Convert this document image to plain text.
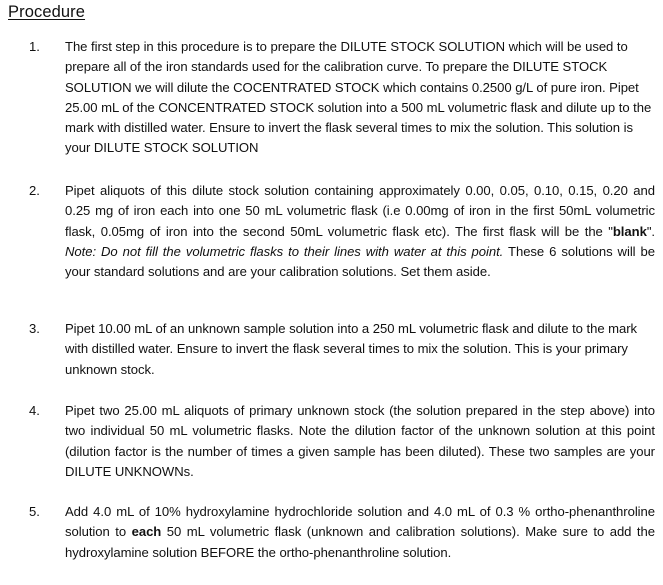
Procedure
1.	The first step in this procedure is to prepare the DILUTE STOCK SOLUTION which will be used to prepare all of the iron standards used for the calibration curve. To prepare the DILUTE STOCK SOLUTION we will dilute the COCENTRATED STOCK which contains 0.2500 g/L of pure iron. Pipet 25.00 mL of the CONCENTRATED STOCK solution into a 500 mL volumetric flask and dilute up to the mark with distilled water. Ensure to invert the flask several times to mix the solution. This solution is your DILUTE STOCK SOLUTION

2.	Pipet aliquots of this dilute stock solution containing approximately 0.00, 0.05, 0.10, 0.15, 0.20 and 0.25 mg of iron each into one 50 mL volumetric flask (i.e 0.00mg of iron in the first 50mL volumetric flask, 0.05mg of iron into the second 50mL volumetric flask etc). The first flask will be the "blank". Note: Do not fill the volumetric flasks to their lines with water at this point. These 6 solutions will be your standard solutions and are your calibration solutions. Set them aside.

3.	Pipet 10.00 mL of an unknown sample solution into a 250 mL volumetric flask and dilute to the mark with distilled water. Ensure to invert the flask several times to mix the solution. This is your primary unknown stock.

4.	Pipet two 25.00 mL aliquots of primary unknown stock (the solution prepared in the step above) into two individual 50 mL volumetric flasks. Note the dilution factor of the unknown solution at this point (dilution factor is the number of times a given sample has been diluted). These two samples are your DILUTE UNKNOWNs.

5.	Add 4.0 mL of 10% hydroxylamine hydrochloride solution and 4.0 mL of 0.3 % ortho-phenanthroline solution to each 50 mL volumetric flask (unknown and calibration solutions). Make sure to add the hydroxylamine solution BEFORE the ortho-phenanthroline solution.
